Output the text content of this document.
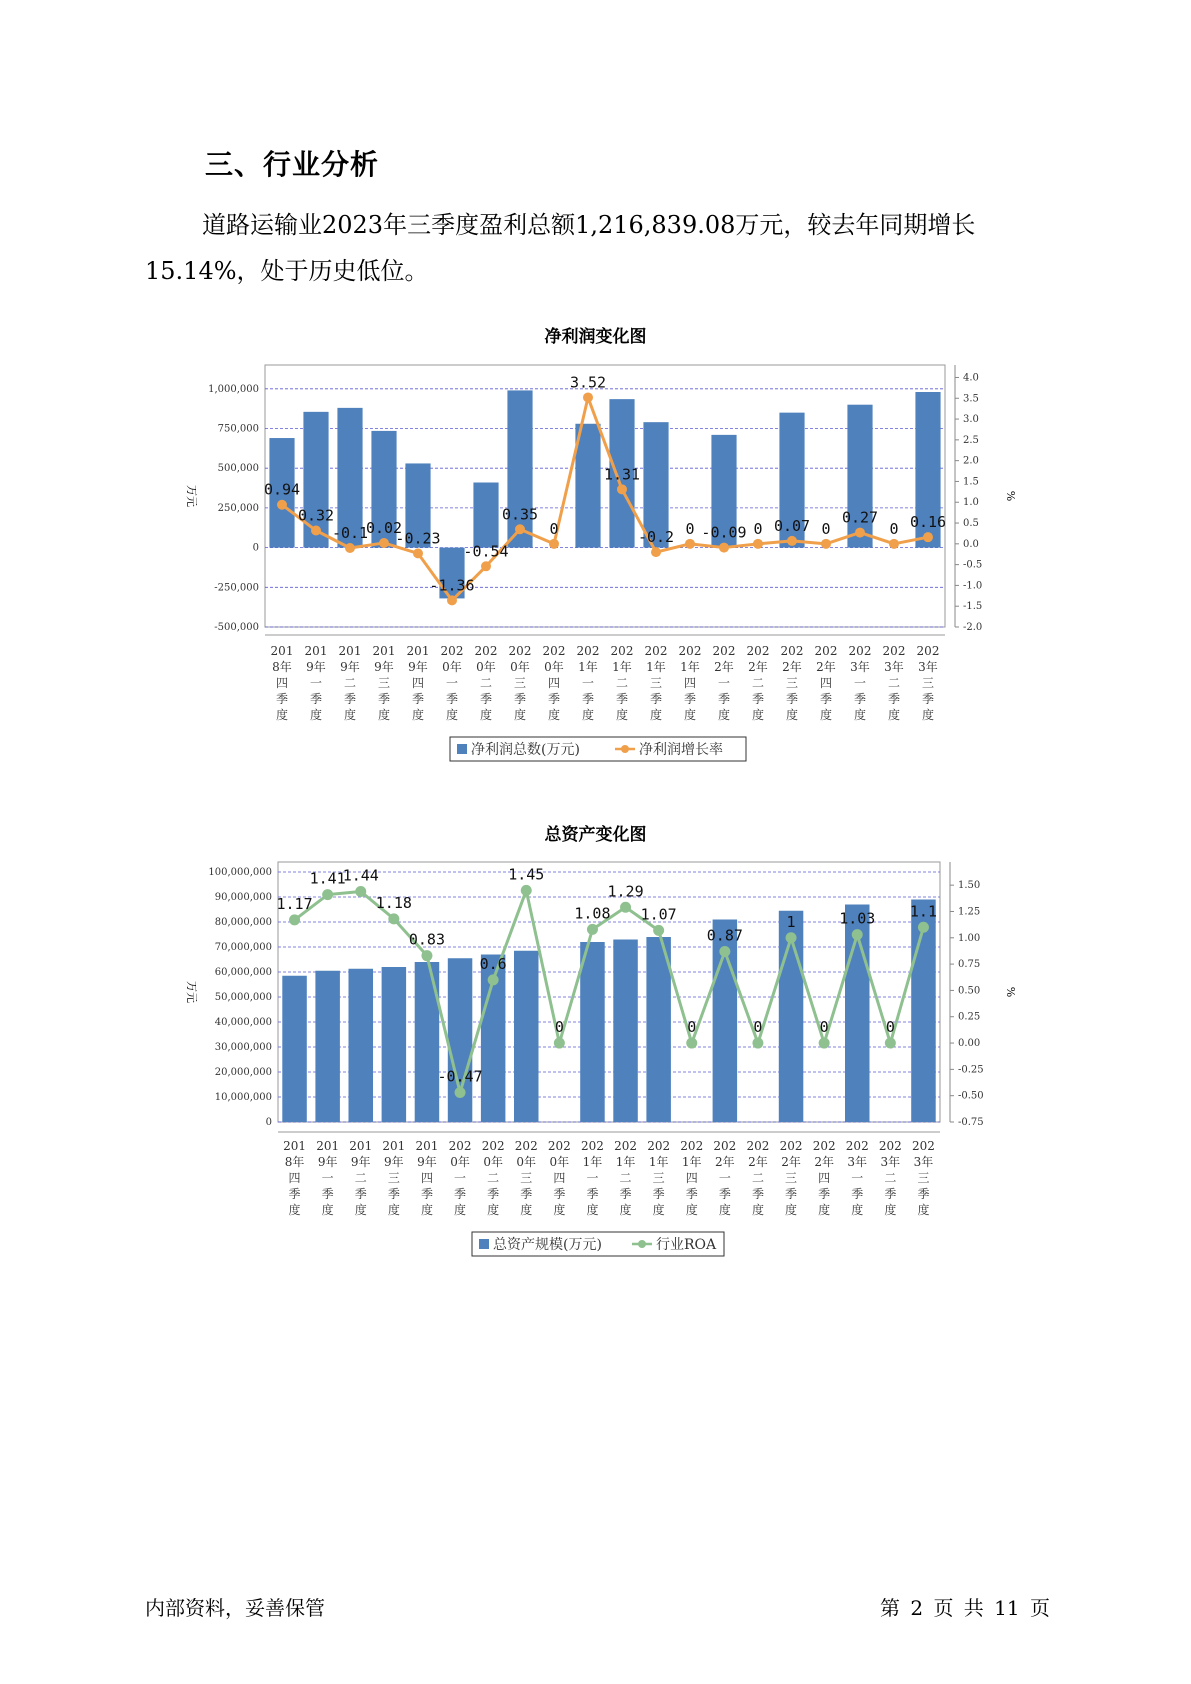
三、行业分析
道路运输业2023年三季度盈利总额1,216,839.08万元，较去年同期增长15.14%，处于历史低位。
净利润变化图
1,000,000
750,000
500,000
250,000
0
-250,000
-500,000
4.0
3.5
3.0
2.5
2.0
1.5
1.0
0.5
0.0
-0.5
-1.0
-1.5
-2.0
万元	%
201
8年
四
季
度
201
9年
一
季
度
201
9年
二
季
度
201
9年
三
季
度
201
9年
四
季
度
202
0年
一
季
度
202
0年
二
季
度
202
0年
三
季
度
202
0年
四
季
度
202
1年
一
季
度
202
1年
二
季
度
202
1年
三
季
度
202
1年
四
季
度
202
2年
一
季
度
202
2年
二
季
度
202
2年
三
季
度
202
2年
四
季
度
202
3年
一
季
度
202
3年
二
季
度
202
3年
三
季
度
0.94
0.32
-0.1
0.02
-0.23
-1.36
-0.54
0.35
0
3.52
1.31
-0.2 0 -0.09 0 0.07 0
0.27
0 0.16
净利润总数(万元)	净利润增长率
总资产变化图
100,000,000
90,000,000
80,000,000
70,000,000
60,000,000
50,000,000
40,000,000
30,000,000
20,000,000
10,000,000
0
1.50
1.25
1.00
0.75
0.50
0.25
0.00
-0.25
-0.50
-0.75
万元	%
201
8年
四
季
度
201
9年
一
季
度
201
9年
二
季
度
201
9年
三
季
度
201
9年
四
季
度
202
0年
一
季
度
202
0年
二
季
度
202
0年
三
季
度
202
0年
四
季
度
202
1年
一
季
度
202
1年
二
季
度
202
1年
三
季
度
202
1年
四
季
度
202
2年
一
季
度
202
2年
二
季
度
202
2年
三
季
度
202
2年
四
季
度
202
3年
一
季
度
202
3年
二
季
度
202
3年
三
季
度
1.17
1.41
1.44
1.18
0.83
-0.47
0.6
1.45
0
1.08
1.29
1.07
0
0.87
0
1
0
1.03
0
1.1
总资产规模(万元)	行业ROA
内部资料，妥善保管	第 2 页 共 11 页
